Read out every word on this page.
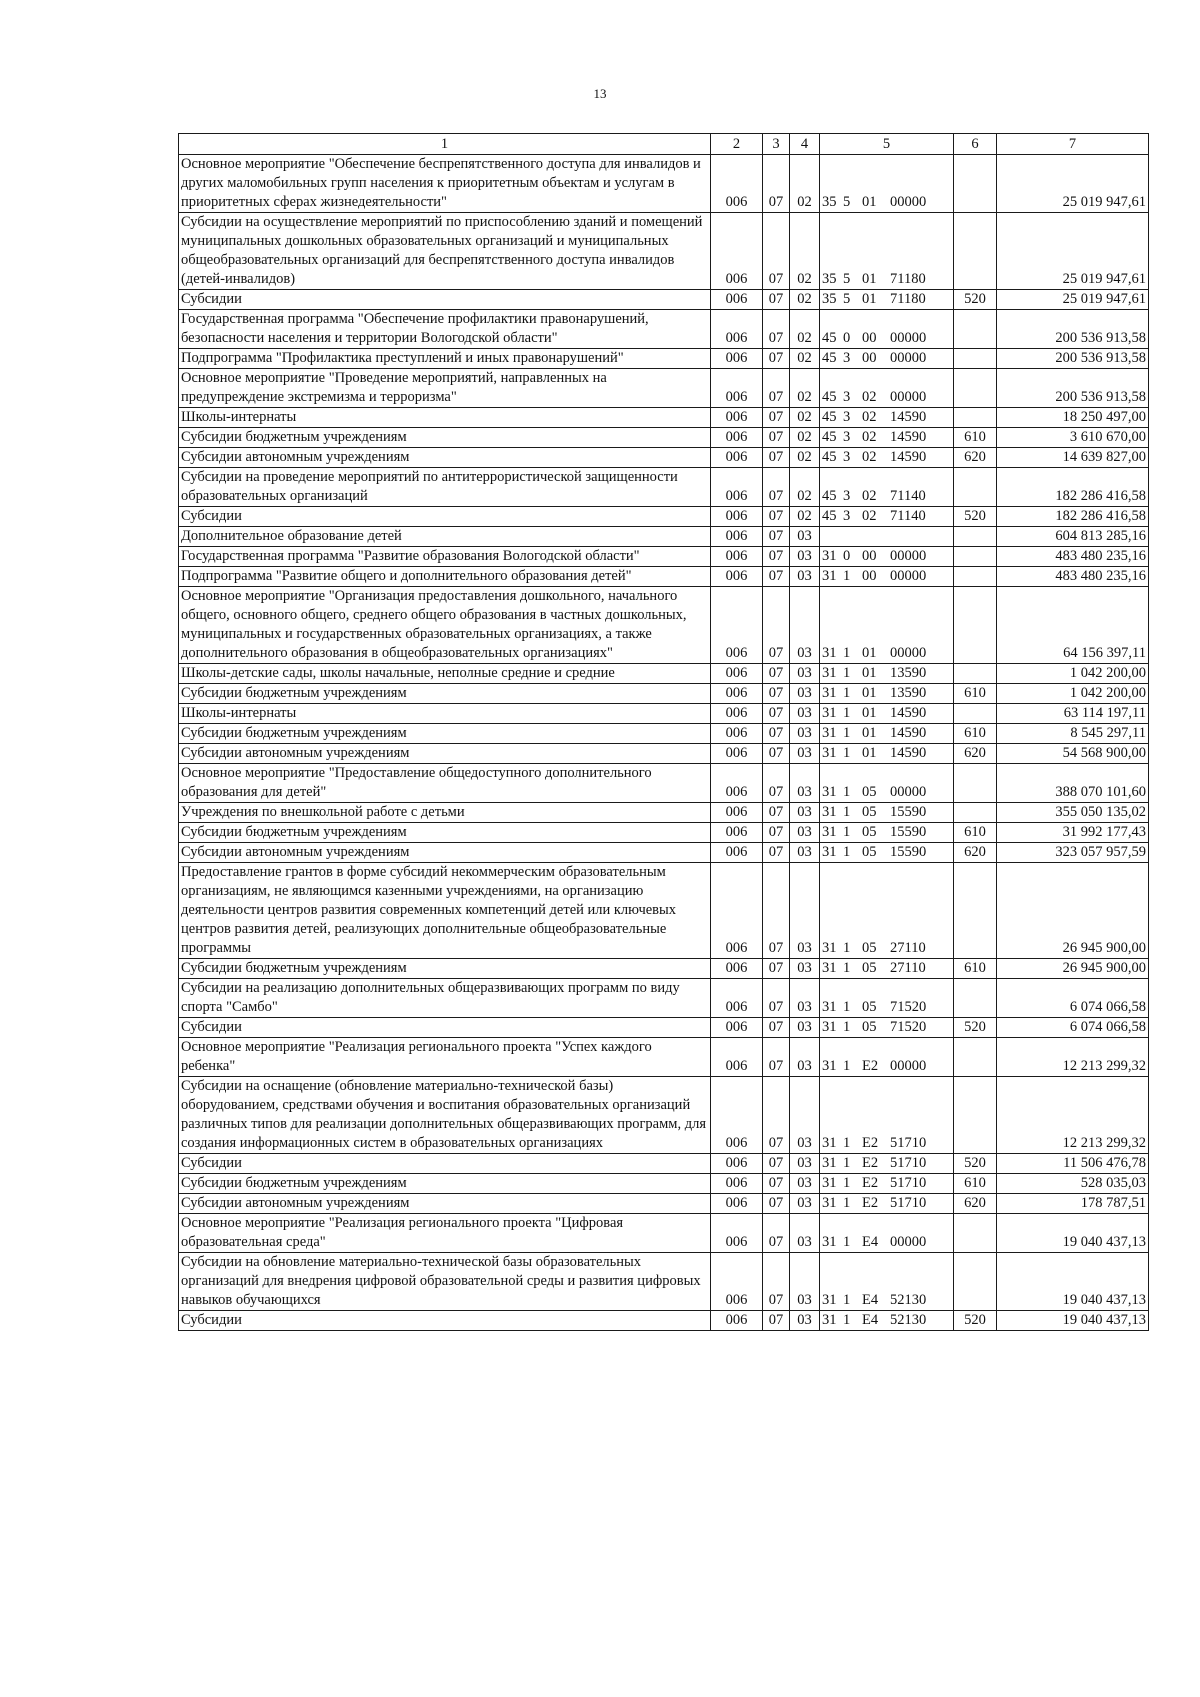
13
1	2	3	4	5	6	7
Основное мероприятие "Обеспечение беспрепятственного доступа для инвалидов и других маломобильных групп населения к приоритетным объектам и услугам в приоритетных сферах жизнедеятельности"	006	07	02	35 5 01 00000		25 019 947,61
Субсидии на осуществление мероприятий по приспособлению зданий и помещений муниципальных дошкольных образовательных организаций и муниципальных общеобразовательных организаций для беспрепятственного доступа инвалидов (детей-инвалидов)	006	07	02	35 5 01 71180		25 019 947,61
Субсидии	006	07	02	35 5 01 71180	520	25 019 947,61
Государственная программа "Обеспечение профилактики правонарушений, безопасности населения и территории Вологодской области"	006	07	02	45 0 00 00000		200 536 913,58
Подпрограмма "Профилактика преступлений и иных правонарушений"	006	07	02	45 3 00 00000		200 536 913,58
Основное мероприятие "Проведение мероприятий, направленных на предупреждение экстремизма и терроризма"	006	07	02	45 3 02 00000		200 536 913,58
Школы-интернаты	006	07	02	45 3 02 14590		18 250 497,00
Субсидии бюджетным учреждениям	006	07	02	45 3 02 14590	610	3 610 670,00
Субсидии автономным учреждениям	006	07	02	45 3 02 14590	620	14 639 827,00
Субсидии на проведение мероприятий по антитеррористической защищенности образовательных организаций	006	07	02	45 3 02 71140		182 286 416,58
Субсидии	006	07	02	45 3 02 71140	520	182 286 416,58
Дополнительное образование детей	006	07	03			604 813 285,16
Государственная программа "Развитие образования Вологодской области"	006	07	03	31 0 00 00000		483 480 235,16
Подпрограмма "Развитие общего и дополнительного образования детей"	006	07	03	31 1 00 00000		483 480 235,16
Основное мероприятие "Организация предоставления дошкольного, начального общего, основного общего, среднего общего образования в частных дошкольных, муниципальных и государственных образовательных организациях, а также дополнительного образования в общеобразовательных организациях"	006	07	03	31 1 01 00000		64 156 397,11
Школы-детские сады, школы начальные, неполные средние и средние	006	07	03	31 1 01 13590		1 042 200,00
Субсидии бюджетным учреждениям	006	07	03	31 1 01 13590	610	1 042 200,00
Школы-интернаты	006	07	03	31 1 01 14590		63 114 197,11
Субсидии бюджетным учреждениям	006	07	03	31 1 01 14590	610	8 545 297,11
Субсидии автономным учреждениям	006	07	03	31 1 01 14590	620	54 568 900,00
Основное мероприятие "Предоставление общедоступного дополнительного образования для детей"	006	07	03	31 1 05 00000		388 070 101,60
Учреждения по внешкольной работе с детьми	006	07	03	31 1 05 15590		355 050 135,02
Субсидии бюджетным учреждениям	006	07	03	31 1 05 15590	610	31 992 177,43
Субсидии автономным учреждениям	006	07	03	31 1 05 15590	620	323 057 957,59
Предоставление грантов в форме субсидий некоммерческим образовательным организациям, не являющимся казенными учреждениями, на организацию деятельности центров развития современных компетенций детей или ключевых центров развития детей, реализующих дополнительные общеобразовательные программы	006	07	03	31 1 05 27110		26 945 900,00
Субсидии бюджетным учреждениям	006	07	03	31 1 05 27110	610	26 945 900,00
Субсидии на реализацию дополнительных общеразвивающих программ по виду спорта "Самбо"	006	07	03	31 1 05 71520		6 074 066,58
Субсидии	006	07	03	31 1 05 71520	520	6 074 066,58
Основное мероприятие "Реализация регионального проекта "Успех каждого ребенка"	006	07	03	31 1 E2 00000		12 213 299,32
Субсидии на оснащение (обновление материально-технической базы) оборудованием, средствами обучения и воспитания образовательных организаций различных типов для реализации дополнительных общеразвивающих программ, для создания информационных систем в образовательных организациях	006	07	03	31 1 E2 51710		12 213 299,32
Субсидии	006	07	03	31 1 E2 51710	520	11 506 476,78
Субсидии бюджетным учреждениям	006	07	03	31 1 E2 51710	610	528 035,03
Субсидии автономным учреждениям	006	07	03	31 1 E2 51710	620	178 787,51
Основное мероприятие "Реализация регионального проекта "Цифровая образовательная среда"	006	07	03	31 1 E4 00000		19 040 437,13
Субсидии на обновление материально-технической базы образовательных организаций для внедрения цифровой образовательной среды и развития цифровых навыков обучающихся	006	07	03	31 1 E4 52130		19 040 437,13
Субсидии	006	07	03	31 1 E4 52130	520	19 040 437,13
